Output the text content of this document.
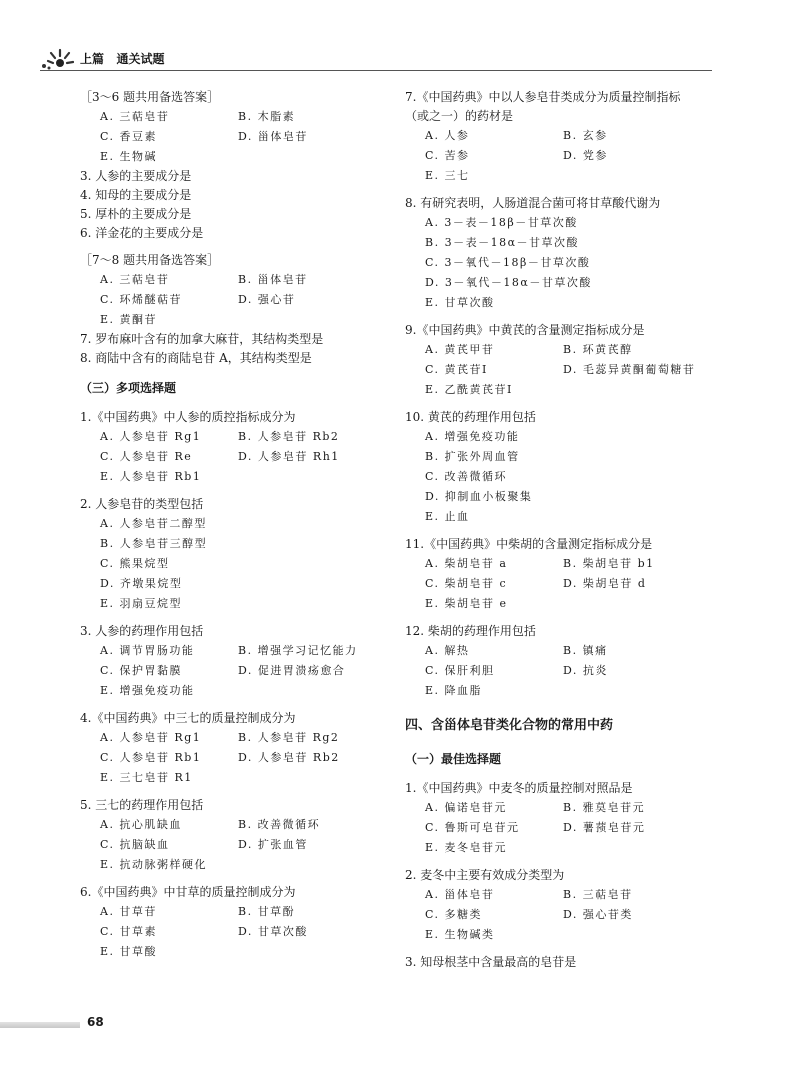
上篇   通关试题
［3～6 题共用备选答案］
A. 三萜皂苷	B. 木脂素
C. 香豆素	D. 甾体皂苷
E. 生物碱
3. 人参的主要成分是
4. 知母的主要成分是
5. 厚朴的主要成分是
6. 洋金花的主要成分是
［7～8 题共用备选答案］
A. 三萜皂苷	B. 甾体皂苷
C. 环烯醚萜苷	D. 强心苷
E. 黄酮苷
7. 罗布麻叶含有的加拿大麻苷，其结构类型是
8. 商陆中含有的商陆皂苷 A，其结构类型是
（三）多项选择题
1.《中国药典》中人参的质控指标成分为
A. 人参皂苷 Rg1	B. 人参皂苷 Rb2
C. 人参皂苷 Re	D. 人参皂苷 Rh1
E. 人参皂苷 Rb1
2. 人参皂苷的类型包括
A. 人参皂苷二醇型
B. 人参皂苷三醇型
C. 熊果烷型
D. 齐墩果烷型
E. 羽扇豆烷型
3. 人参的药理作用包括
A. 调节胃肠功能	B. 增强学习记忆能力
C. 保护胃黏膜	D. 促进胃溃疡愈合
E. 增强免疫功能
4.《中国药典》中三七的质量控制成分为
A. 人参皂苷 Rg1	B. 人参皂苷 Rg2
C. 人参皂苷 Rb1	D. 人参皂苷 Rb2
E. 三七皂苷 R1
5. 三七的药理作用包括
A. 抗心肌缺血	B. 改善微循环
C. 抗脑缺血	D. 扩张血管
E. 抗动脉粥样硬化
6.《中国药典》中甘草的质量控制成分为
A. 甘草苷	B. 甘草酚
C. 甘草素	D. 甘草次酸
E. 甘草酸
7.《中国药典》中以人参皂苷类成分为质量控制指标
（或之一）的药材是
A. 人参	B. 玄参
C. 苦参	D. 党参
E. 三七
8. 有研究表明，人肠道混合菌可将甘草酸代谢为
A. 3－表－18β－甘草次酸
B. 3－表－18α－甘草次酸
C. 3－氧代－18β－甘草次酸
D. 3－氧代－18α－甘草次酸
E. 甘草次酸
9.《中国药典》中黄芪的含量测定指标成分是
A. 黄芪甲苷	B. 环黄芪醇
C. 黄芪苷Ⅰ	D. 毛蕊异黄酮葡萄糖苷
E. 乙酰黄芪苷Ⅰ
10. 黄芪的药理作用包括
A. 增强免疫功能
B. 扩张外周血管
C. 改善微循环
D. 抑制血小板聚集
E. 止血
11.《中国药典》中柴胡的含量测定指标成分是
A. 柴胡皂苷 a	B. 柴胡皂苷 b1
C. 柴胡皂苷 c	D. 柴胡皂苷 d
E. 柴胡皂苷 e
12. 柴胡的药理作用包括
A. 解热	B. 镇痛
C. 保肝利胆	D. 抗炎
E. 降血脂
四、含甾体皂苷类化合物的常用中药
（一）最佳选择题
1.《中国药典》中麦冬的质量控制对照品是
A. 偏诺皂苷元	B. 雅莫皂苷元
C. 鲁斯可皂苷元	D. 薯蓣皂苷元
E. 麦冬皂苷元
2. 麦冬中主要有效成分类型为
A. 甾体皂苷	B. 三萜皂苷
C. 多糖类	D. 强心苷类
E. 生物碱类
3. 知母根茎中含量最高的皂苷是
68
